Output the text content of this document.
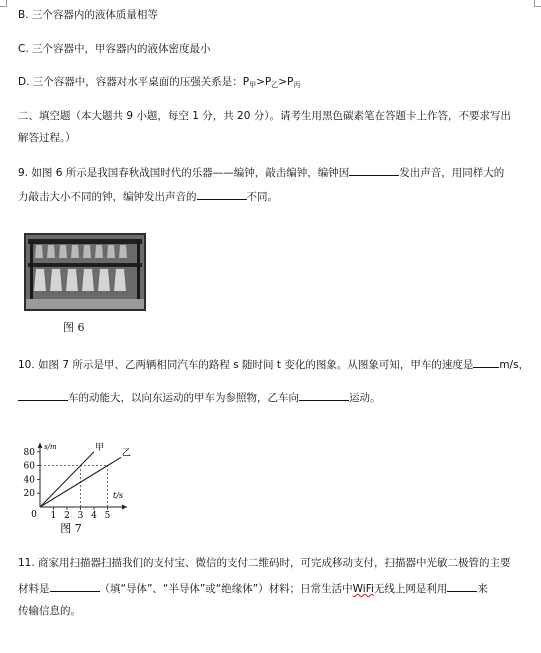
B. 三个容器内的液体质量相等
C. 三个容器中，甲容器内的液体密度最小
D. 三个容器中，容器对水平桌面的压强关系是：$P_甲>P_乙>P_丙$
二、填空题（本大题共 9 小题，每空 1 分，共 20 分）。请考生用黑色碳素笔在答题卡上作答，不要求写出
解答过程。）
9. 如图 6 所示是我国春秋战国时代的乐器——编钟，敲击编钟，编钟因	发出声音，用同样大的
力敲击大小不同的钟，编钟发出声音的	不同。
图 6
10. 如图 7 所示是甲、乙两辆相同汽车的路程 s 随时间 t 变化的图象。从图象可知，甲车的速度是 m/s，
车的动能大，以向东运动的甲车为参照物，乙车向	运动。
20
40
60
80
0 1 2 3 4 5
甲
乙
t/s
s/m
图 7
11. 商家用扫描器扫描我们的支付宝、微信的支付二维码时，可完成移动支付，扫描器中光敏二极管的主要
材料是	（填“导体”、“半导体”或“绝缘体”）材料；日常生活中WiFi无线上网是利用	来
传输信息的。
